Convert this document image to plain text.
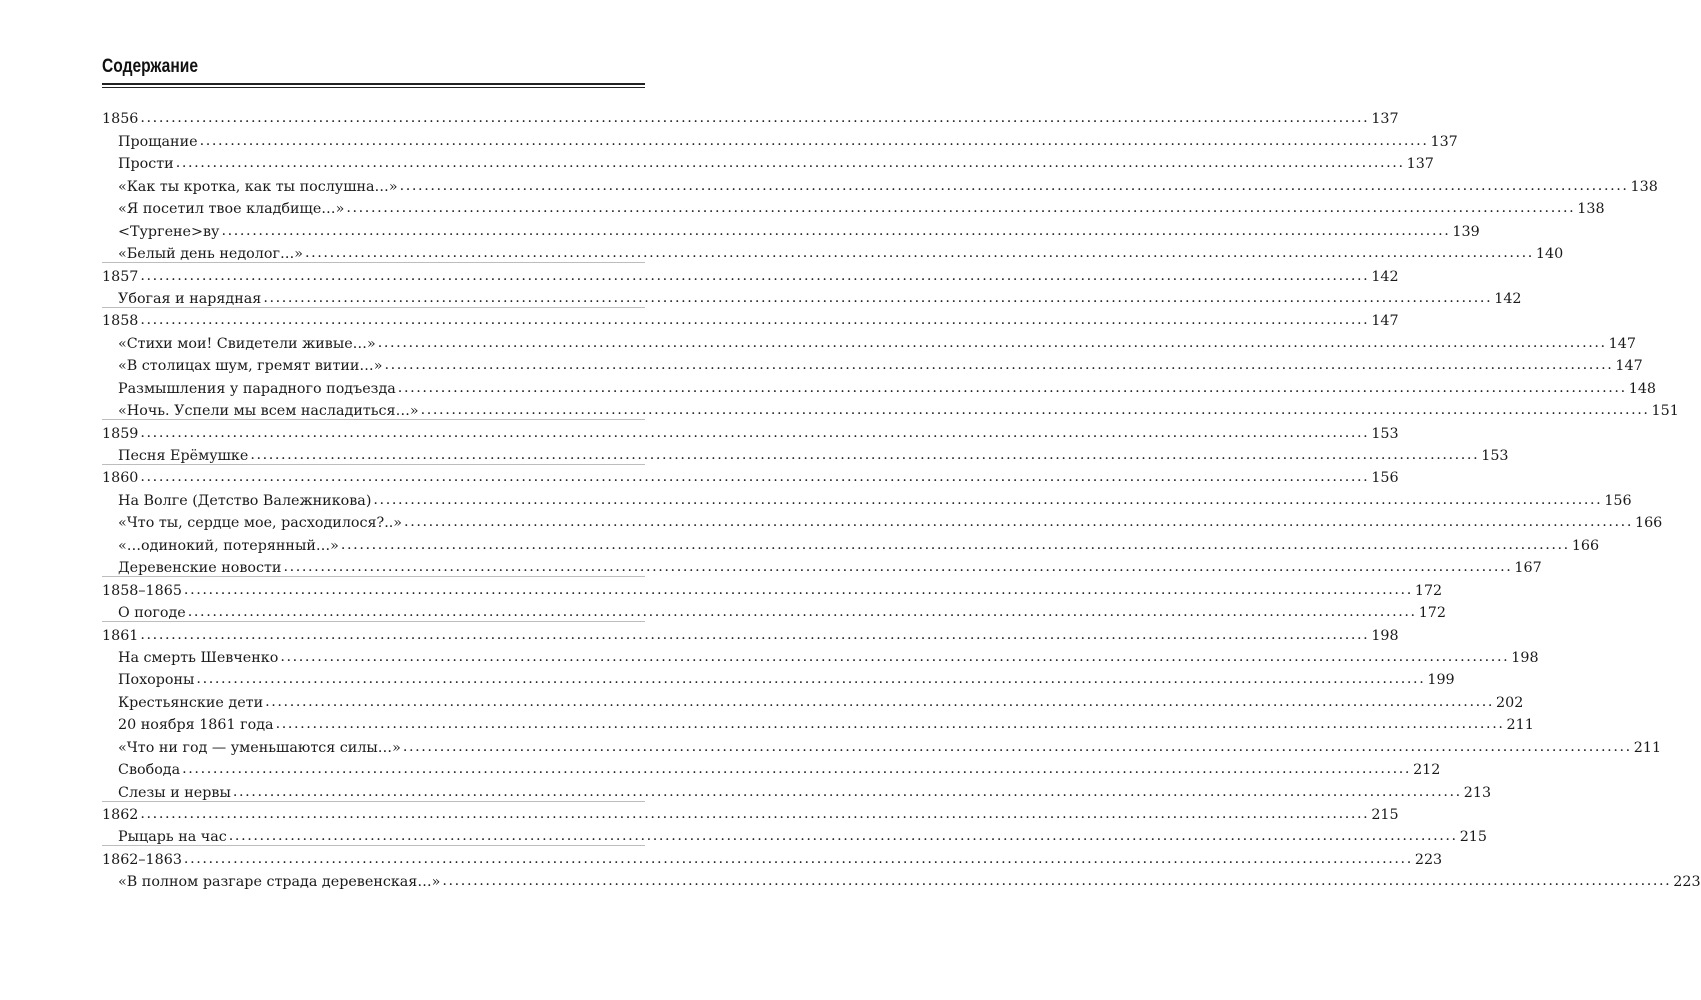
Содержание
1856 ........................................................................................................................................................................................................ 137
Прощание ........................................................................................................................................................................................................ 137
Прости ........................................................................................................................................................................................................ 137
«Как ты кротка, как ты послушна…» ........................................................................................................................................................................................................ 138
«Я посетил твое кладбище…» ........................................................................................................................................................................................................ 138
<Тургене>ву ........................................................................................................................................................................................................ 139
«Белый день недолог…» ........................................................................................................................................................................................................ 140
1857 ........................................................................................................................................................................................................ 142
Убогая и нарядная ........................................................................................................................................................................................................ 142
1858 ........................................................................................................................................................................................................ 147
«Стихи мои! Свидетели живые…» ........................................................................................................................................................................................................ 147
«В столицах шум, гремят витии…» ........................................................................................................................................................................................................ 147
Размышления у парадного подъезда ........................................................................................................................................................................................................ 148
«Ночь. Успели мы всем насладиться…» ........................................................................................................................................................................................................ 151
1859 ........................................................................................................................................................................................................ 153
Песня Ерёмушке ........................................................................................................................................................................................................ 153
1860 ........................................................................................................................................................................................................ 156
На Волге (Детство Валежникова) ........................................................................................................................................................................................................ 156
«Что ты, сердце мое, расходилося?..» ........................................................................................................................................................................................................ 166
«…одинокий, потерянный…» ........................................................................................................................................................................................................ 166
Деревенские новости ........................................................................................................................................................................................................ 167
1858–1865 ........................................................................................................................................................................................................ 172
О погоде ........................................................................................................................................................................................................ 172
1861 ........................................................................................................................................................................................................ 198
На смерть Шевченко ........................................................................................................................................................................................................ 198
Похороны ........................................................................................................................................................................................................ 199
Крестьянские дети ........................................................................................................................................................................................................ 202
20 ноября 1861 года ........................................................................................................................................................................................................ 211
«Что ни год — уменьшаются силы…» ........................................................................................................................................................................................................ 211
Свобода ........................................................................................................................................................................................................ 212
Слезы и нервы ........................................................................................................................................................................................................ 213
1862 ........................................................................................................................................................................................................ 215
Рыцарь на час ........................................................................................................................................................................................................ 215
1862–1863 ........................................................................................................................................................................................................ 223
«В полном разгаре страда деревенская…» ........................................................................................................................................................................................................ 223
